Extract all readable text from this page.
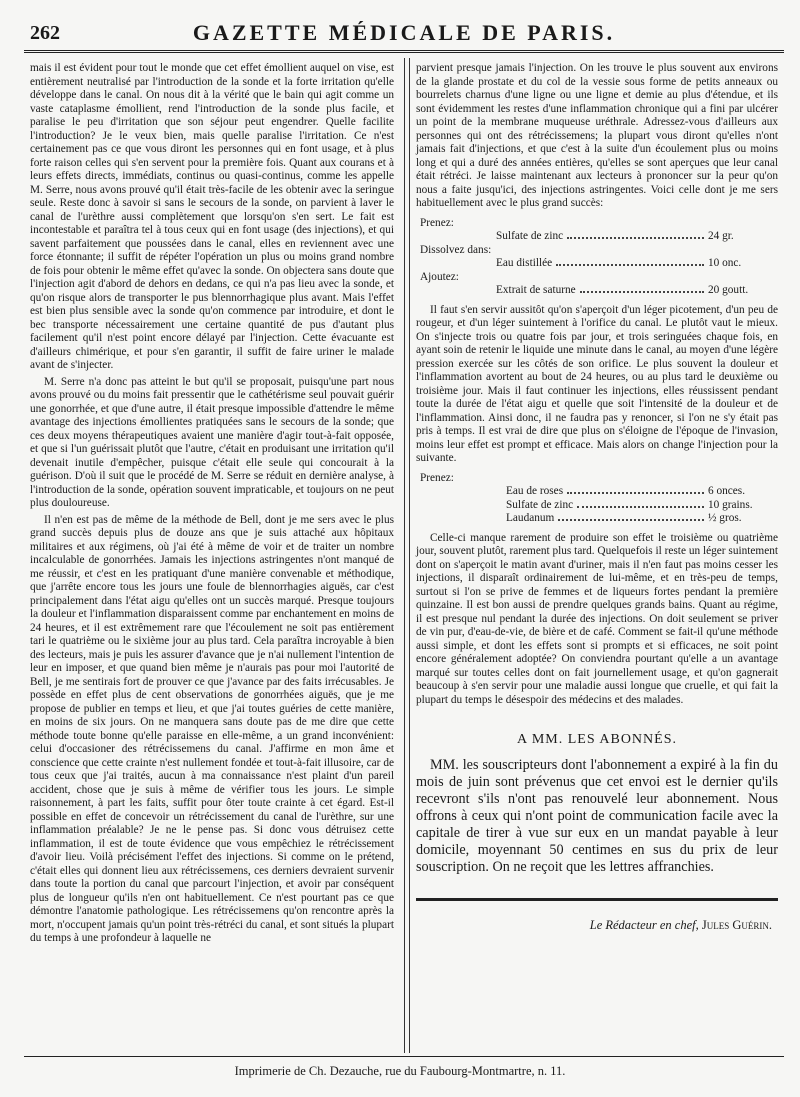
262	GAZETTE MÉDICALE DE PARIS.

mais il est évident pour tout le monde que cet effet émollient auquel on vise, est entièrement neutralisé par l'introduction de la sonde et la forte irritation qu'elle développe dans le canal. On nous dit à la vérité que le bain qui agit comme un vaste cataplasme émollient, rend l'introduction de la sonde plus facile, et paralise le peu d'irritation que son séjour peut engendrer. Quelle facilite l'introduction? Je le veux bien, mais quelle paralise l'irritation. Ce n'est certainement pas ce que vous diront les personnes qui en font usage, et à plus forte raison celles qui s'en servent pour la première fois. Quant aux courans et à leurs effets directs, immédiats, continus ou quasi-continus, comme les appelle M. Serre, nous avons prouvé qu'il était très-facile de les obtenir avec la seringue seule. Reste donc à savoir si sans le secours de la sonde, on parvient à laver le canal de l'urèthre aussi complètement que lorsqu'on s'en sert. Le fait est incontestable et paraîtra tel à tous ceux qui en font usage (des injections), et qui savent parfaitement que poussées dans le canal, elles en reviennent avec une force étonnante; il suffit de répéter l'opération un plus ou moins grand nombre de fois pour obtenir le même effet qu'avec la sonde. On objectera sans doute que l'injection agit d'abord de dehors en dedans, ce qui n'a pas lieu avec la sonde, et qu'on risque alors de transporter le pus blennorrhagique plus avant. Mais l'effet est bien plus sensible avec la sonde qu'on commence par introduire, et dont le bec transporte nécessairement une certaine quantité de pus d'autant plus facilement qu'il n'est point encore délayé par l'injection. Cette évacuante est d'ailleurs chimérique, et pour s'en garantir, il suffit de faire uriner le malade avant de s'injecter.

M. Serre n'a donc pas atteint le but qu'il se proposait, puisqu'une part nous avons prouvé ou du moins fait pressentir que le cathétérisme seul pouvait guérir une gonorrhée, et que d'une autre, il était presque impossible d'attendre le même avantage des injections émollientes pratiquées sans le secours de la sonde; que ces deux moyens thérapeutiques avaient une manière d'agir tout-à-fait opposée, et que si l'un guérissait plutôt que l'autre, c'était en produisant une irritation qu'il devenait inutile d'empêcher, puisque c'était elle seule qui concourait à la guérison. D'où il suit que le procédé de M. Serre se réduit en dernière analyse, à l'introduction de la sonde, opération souvent impraticable, et toujours on ne peut plus douloureuse.

Il n'en est pas de même de la méthode de Bell, dont je me sers avec le plus grand succès depuis plus de douze ans que je suis attaché aux hôpitaux militaires et aux régimens, où j'ai été à même de voir et de traiter un nombre incalculable de gonorrhées. Jamais les injections astringentes n'ont manqué de me réussir, et c'est en les pratiquant d'une manière convenable et méthodique, que j'arrête encore tous les jours une foule de blennorrhagies aiguës, car c'est principalement dans l'état aigu qu'elles ont un succès marqué. Presque toujours la douleur et l'inflammation disparaissent comme par enchantement en moins de 24 heures, et il est extrêmement rare que l'écoulement ne soit pas entièrement tari le quatrième ou le sixième jour au plus tard. Cela paraîtra incroyable à bien des lecteurs, mais je puis les assurer d'avance que je n'ai nullement l'intention de leur en imposer, et que quand bien même je n'aurais pas pour moi l'autorité de Bell, je me sentirais fort de prouver ce que j'avance par des faits irrécusables. Je possède en effet plus de cent observations de gonorrhées aiguës, que je me propose de publier en temps et lieu, et que j'ai toutes guéries de cette manière, en moins de six jours. On ne manquera sans doute pas de me dire que cette méthode toute bonne qu'elle paraisse en elle-même, a un grand inconvénient: celui d'occasioner des rétrécissemens du canal. J'affirme en mon âme et conscience que cette crainte n'est nullement fondée et tout-à-fait illusoire, car de tous ceux que j'ai traités, aucun à ma connaissance n'est plaint d'un pareil accident, chose que je suis à même de vérifier tous les jours. Le simple raisonnement, à part les faits, suffit pour ôter toute crainte à cet égard. Est-il possible en effet de concevoir un rétrécissement du canal de l'urèthre, sur une inflammation préalable? Je ne le pense pas. Si donc vous détruisez cette inflammation, il est de toute évidence que vous empêchiez le rétrécissement d'avoir lieu. Voilà précisément l'effet des injections. Si comme on le prétend, c'était elles qui donnent lieu aux rétrécissemens, ces derniers devraient survenir dans toute la portion du canal que parcourt l'injection, et avoir par conséquent plus de longueur qu'ils n'en ont habituellement. Ce n'est pourtant pas ce que démontre l'anatomie pathologique. Les rétrécissemens qu'on rencontre après la mort, n'occupent jamais qu'un point très-rétréci du canal, et sont situés la plupart du temps à une profondeur à laquelle ne

parvient presque jamais l'injection. On les trouve le plus souvent aux environs de la glande prostate et du col de la vessie sous forme de petits anneaux ou bourrelets charnus d'une ligne ou une ligne et demie au plus d'étendue, et ils sont évidemment les restes d'une inflammation chronique qui a fini par ulcérer un point de la membrane muqueuse uréthrale. Adressez-vous d'ailleurs aux personnes qui ont des rétrécissemens; la plupart vous diront qu'elles n'ont jamais fait d'injections, et que c'est à la suite d'un écoulement plus ou moins long et qui a duré des années entières, qu'elles se sont aperçues que leur canal était rétréci. Je laisse maintenant aux lecteurs à prononcer sur la peur qu'on nous a faite jusqu'ici, des injections astringentes. Voici celle dont je me sers habituellement avec le plus grand succès:

Prenez:
Sulfate de zinc	24 gr.
Dissolvez dans:
Eau distillée	10 onc.
Ajoutez:
Extrait de saturne	20 goutt.

Il faut s'en servir aussitôt qu'on s'aperçoit d'un léger picotement, d'un peu de rougeur, et d'un léger suintement à l'orifice du canal. Le plutôt vaut le mieux. On s'injecte trois ou quatre fois par jour, et trois seringuées chaque fois, en ayant soin de retenir le liquide une minute dans le canal, au moyen d'une légère pression exercée sur les côtés de son orifice. Le plus souvent la douleur et l'inflammation avortent au bout de 24 heures, ou au plus tard le deuxième ou troisième jour. Mais il faut continuer les injections, elles réussissent pendant toute la durée de l'état aigu et quelle que soit l'intensité de la douleur et de l'inflammation. Ainsi donc, il ne faudra pas y renoncer, si l'on ne s'y était pas pris à temps. Il est vrai de dire que plus on s'éloigne de l'époque de l'invasion, moins leur effet est prompt et efficace. Mais alors on change l'injection pour la suivante.

Prenez:
Eau de roses	6 onces.
Sulfate de zinc	10 grains.
Laudanum	½ gros.

Celle-ci manque rarement de produire son effet le troisième ou quatrième jour, souvent plutôt, rarement plus tard. Quelquefois il reste un léger suintement dont on s'aperçoit le matin avant d'uriner, mais il n'en faut pas moins cesser les injections, il disparaît ordinairement de lui-même, et en très-peu de temps, surtout si l'on se prive de femmes et de liqueurs fortes pendant la première quinzaine. Il est bon aussi de prendre quelques grands bains. Quant au régime, il est presque nul pendant la durée des injections. On doit seulement se priver de vin pur, d'eau-de-vie, de bière et de café. Comment se fait-il qu'une méthode aussi simple, et dont les effets sont si prompts et si efficaces, ne soit point encore généralement adoptée? On conviendra pourtant qu'elle a un avantage marqué sur toutes celles dont on fait journellement usage, et qu'on gagnerait beaucoup à s'en servir pour une maladie aussi longue que cruelle, et qui fait la plupart du temps le désespoir des médecins et des malades.

A MM. LES ABONNÉS.

MM. les souscripteurs dont l'abonnement a expiré à la fin du mois de juin sont prévenus que cet envoi est le dernier qu'ils recevront s'ils n'ont pas renouvelé leur abonnement. Nous offrons à ceux qui n'ont point de communication facile avec la capitale de tirer à vue sur eux en un mandat payable à leur domicile, moyennant 50 centimes en sus du prix de leur souscription. On ne reçoit que les lettres affranchies.

Le Rédacteur en chef, Jules Guérin.
Imprimerie de Ch. Dezauche, rue du Faubourg-Montmartre, n. 11.
